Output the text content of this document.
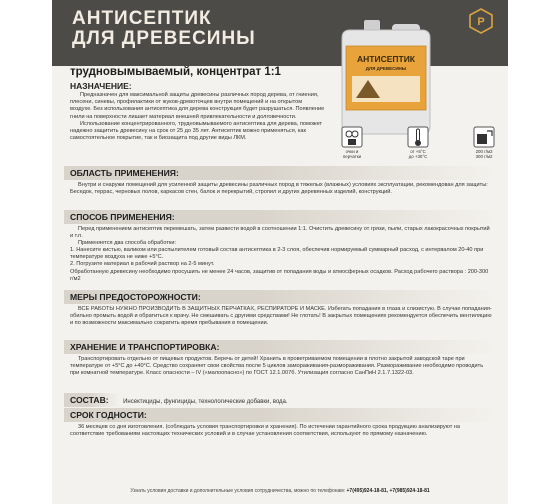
АНТИСЕПТИК
ДЛЯ ДРЕВЕСИНЫ
P
АНТИСЕПТИК
ДЛЯ ДРЕВЕСИНЫ
трудновымываемый, концентрат 1:1
НАЗНАЧЕНИЕ:

Предназначен для максимальной защиты древесины различных пород дерева, от гниения, плесени, синевы, профилактики от жуков-древоточцев внутри помещений и на открытом воздухе. Без использования антисептика для дерева конструкция будет разрушаться. Появление гнили на поверхности лишает материал внешней привлекательности и долговечности.

Использование концентрированного, трудновымываемого антисептика для дерева, поможет надежно защитить древесину на срок от 25 до 35 лет. Антисептик можно применяться, как самостоятельное покрытие, так и биозащита под другие виды ЛКМ.

очки и
перчатки
от +5°С
до +30°С
200 г/м2
300 г/м2
ОБЛАСТЬ ПРИМЕНЕНИЯ:

Внутри и снаружи помещений для усиленной защиты древесины различных пород в тяжелых (влажных) условиях эксплуатации, рекомендован для защиты:

Беседок, террас, черновых полов, каркасов стен, балок и перекрытий, стропил и других деревянных изделий, конструкций.

СПОСОБ ПРИМЕНЕНИЯ:

Перед применением антисептик перемешать, затем развести водой в соотношении 1:1. Очистить древесину от грязи, пыли, старых лакокрасочных покрытий и т.п.

Применяется два способа обработки:

1. Нанесите кистью, валиком или распылителем готовый состав антисептика в 2-3 слоя, обеспечив нормируемый суммарный расход, с интервалом 20-40 при температуре воздуха не ниже +5°С.

2. Погрузите материал в рабочий раствор на 2-5 минут.

Обработанную древесину необходимо просушить не менее 24 часов, защитив от попадания воды и атмосферных осадков. Расход рабочего раствора : 200-300 г/м2

МЕРЫ ПРЕДОСТОРОЖНОСТИ:

ВСЕ РАБОТЫ НУЖНО ПРОИЗВОДИТЬ В ЗАЩИТНЫХ ПЕРЧАТКАХ, РЕСПИРАТОРЕ И МАСКЕ. Избегать попадания в глаза и слизистую. В случае попадания-обильно промыть водой и обратиться к врачу. Не смешивать с другими средствами! Не глотать! В закрытых помещениях рекомендуется обеспечить вентиляцию и по возможности максимально сократить время пребывания в помещении.

ХРАНЕНИЕ И ТРАНСПОРТИРОВКА:

Транспортировать отдельно от пищевых продуктов. Беречь от детей! Хранить в проветриваемом помещении в плотно закрытой заводской таре при температуре от +5°С до +40°С. Средство сохраняет свои свойства после 5 циклов замораживания-размораживания. Размораживание необходимо проводить при комнатной температуре. Класс опасности – IV («малоопасно») по ГОСТ 12.1.007б. Утилизация согласно СанПиН 2.1.7.1322-03.

СОСТАВ: Инсектициды, фунгициды, технологические добавки, вода.
СРОК ГОДНОСТИ:

36 месяцев со дня изготовления. (соблюдать условия транспортировки и хранения). По истечении гарантийного срока продукцию анализируют на соответствие требованиям настоящих технических условий и в случае установления соответствия, используют по прямому назначению.

Узнать условия доставки и дополнительные условия сотрудничества, можно по телефонам: +7(495)924-18-81, +7(985)924-18-81
